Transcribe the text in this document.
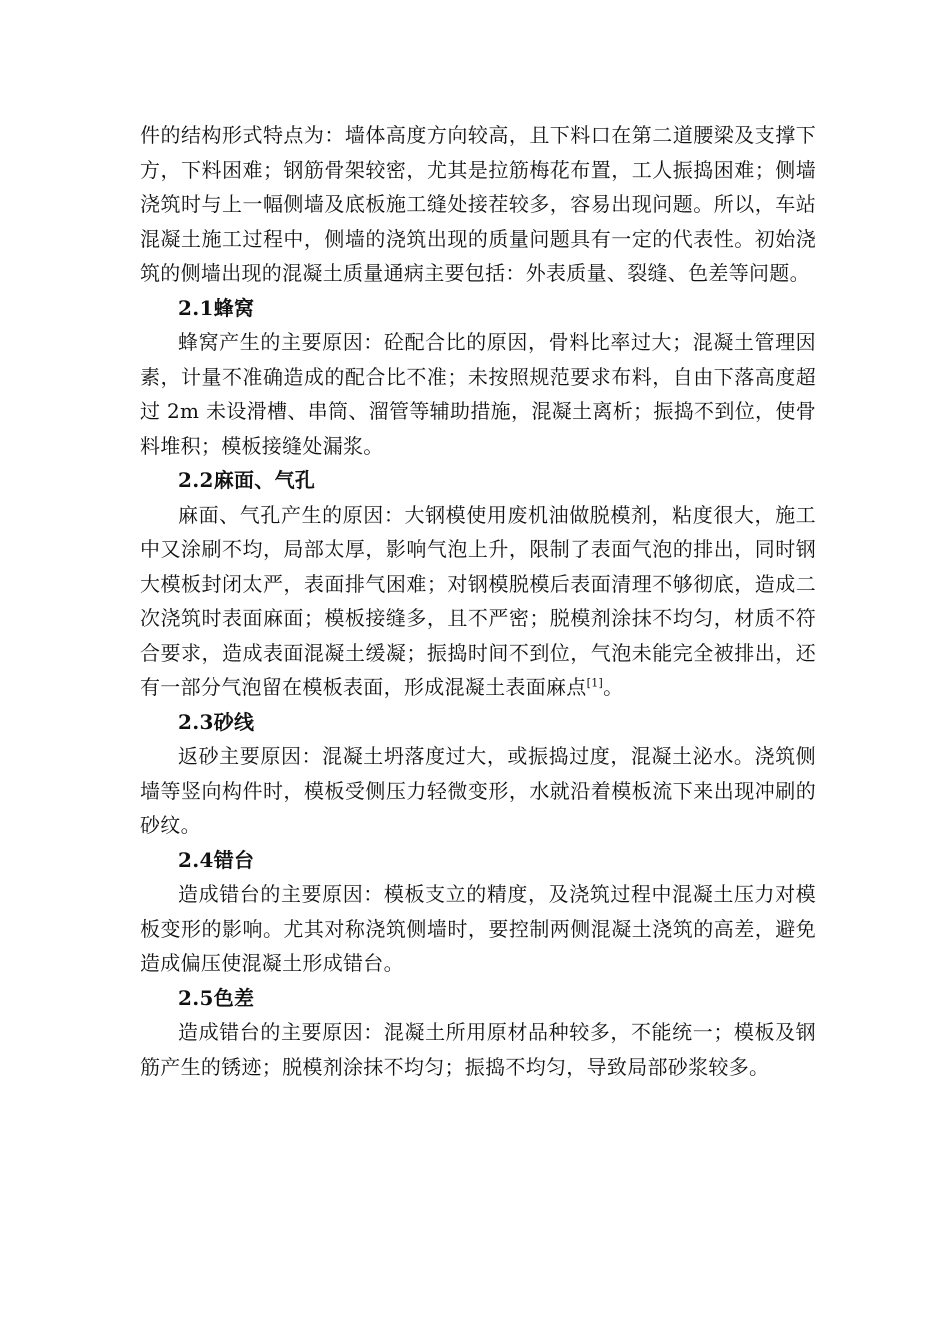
件的结构形式特点为：墙体高度方向较高，且下料口在第二道腰梁及支撑下方，下料困难；钢筋骨架较密，尤其是拉筋梅花布置，工人振捣困难；侧墙浇筑时与上一幅侧墙及底板施工缝处接茬较多，容易出现问题。所以，车站混凝土施工过程中，侧墙的浇筑出现的质量问题具有一定的代表性。初始浇筑的侧墙出现的混凝土质量通病主要包括：外表质量、裂缝、色差等问题。

2.1蜂窝

蜂窝产生的主要原因：砼配合比的原因，骨料比率过大；混凝土管理因素，计量不准确造成的配合比不准；未按照规范要求布料，自由下落高度超过 2m 未设滑槽、串筒、溜管等辅助措施，混凝土离析；振捣不到位，使骨料堆积；模板接缝处漏浆。

2.2麻面、气孔

麻面、气孔产生的原因：大钢模使用废机油做脱模剂，粘度很大，施工中又涂刷不均，局部太厚，影响气泡上升，限制了表面气泡的排出，同时钢大模板封闭太严，表面排气困难；对钢模脱模后表面清理不够彻底，造成二次浇筑时表面麻面；模板接缝多，且不严密；脱模剂涂抹不均匀，材质不符合要求，造成表面混凝土缓凝；振捣时间不到位，气泡未能完全被排出，还有一部分气泡留在模板表面，形成混凝土表面麻点[1]。

2.3砂线

返砂主要原因：混凝土坍落度过大，或振捣过度，混凝土泌水。浇筑侧墙等竖向构件时，模板受侧压力轻微变形，水就沿着模板流下来出现冲刷的砂纹。

2.4错台

造成错台的主要原因：模板支立的精度，及浇筑过程中混凝土压力对模板变形的影响。尤其对称浇筑侧墙时，要控制两侧混凝土浇筑的高差，避免造成偏压使混凝土形成错台。

2.5色差

造成错台的主要原因：混凝土所用原材品种较多，不能统一；模板及钢筋产生的锈迹；脱模剂涂抹不均匀；振捣不均匀，导致局部砂浆较多。
